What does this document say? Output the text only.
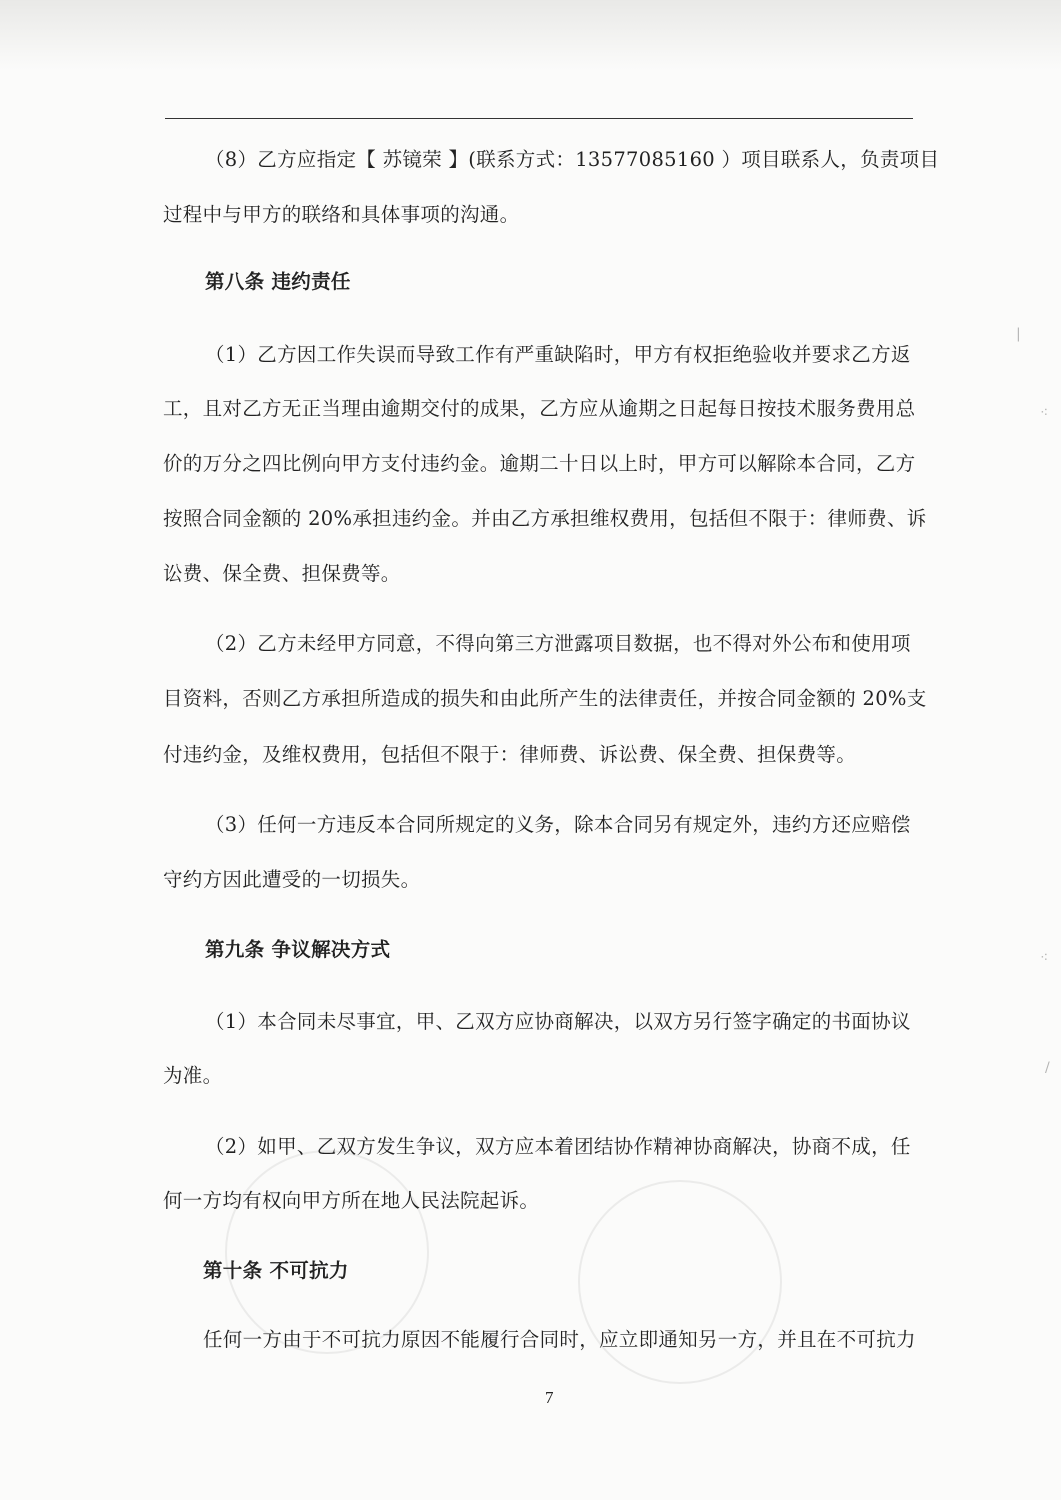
|
⁖
⁖
/
（8）乙方应指定【 苏镜荣 】(联系方式：13577085160 ）项目联系人，负责项目
过程中与甲方的联络和具体事项的沟通。
第八条 违约责任
（1）乙方因工作失误而导致工作有严重缺陷时，甲方有权拒绝验收并要求乙方返
工，且对乙方无正当理由逾期交付的成果，乙方应从逾期之日起每日按技术服务费用总
价的万分之四比例向甲方支付违约金。逾期二十日以上时，甲方可以解除本合同，乙方
按照合同金额的 20%承担违约金。并由乙方承担维权费用，包括但不限于：律师费、诉
讼费、保全费、担保费等。
（2）乙方未经甲方同意，不得向第三方泄露项目数据，也不得对外公布和使用项
目资料，否则乙方承担所造成的损失和由此所产生的法律责任，并按合同金额的 20%支
付违约金，及维权费用，包括但不限于：律师费、诉讼费、保全费、担保费等。
（3）任何一方违反本合同所规定的义务，除本合同另有规定外，违约方还应赔偿
守约方因此遭受的一切损失。
第九条 争议解决方式
（1）本合同未尽事宜，甲、乙双方应协商解决，以双方另行签字确定的书面协议
为准。
（2）如甲、乙双方发生争议，双方应本着团结协作精神协商解决，协商不成，任
何一方均有权向甲方所在地人民法院起诉。
第十条 不可抗力
任何一方由于不可抗力原因不能履行合同时，应立即通知另一方，并且在不可抗力
7
